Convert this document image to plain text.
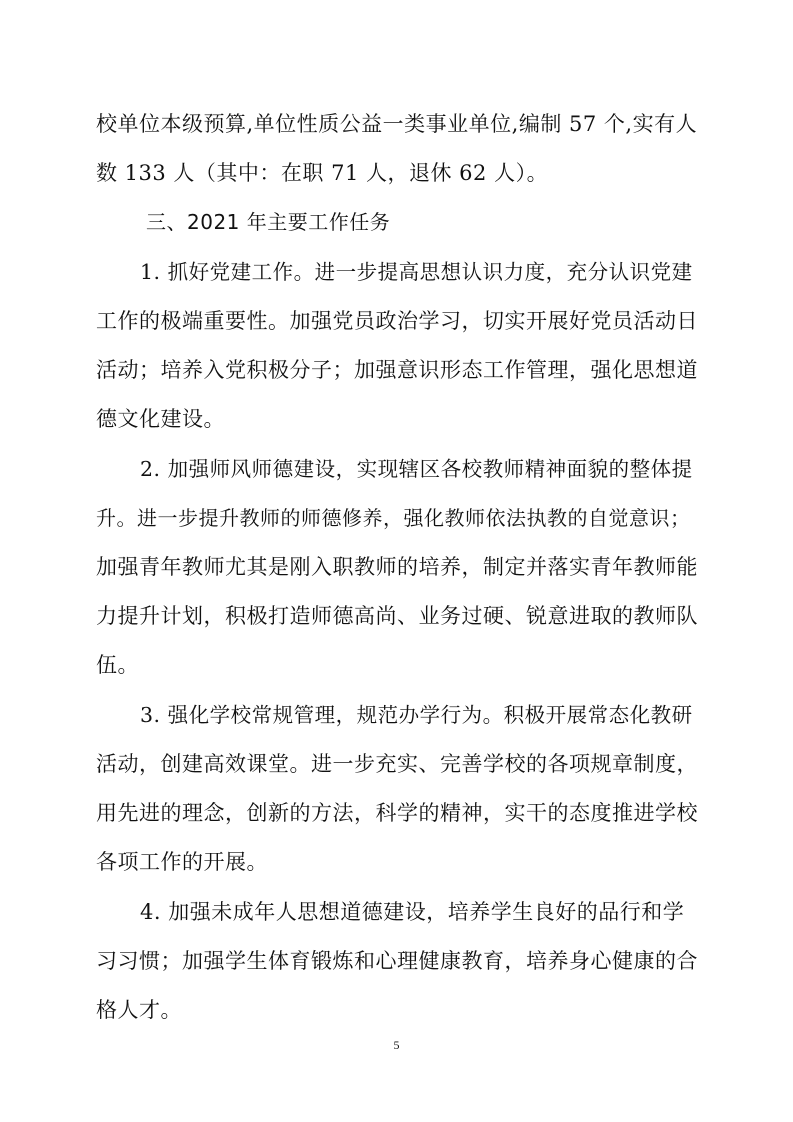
校单位本级预算,单位性质公益一类事业单位,编制 57 个,实有人
数 133 人（其中：在职 71 人，退休 62 人）。
三、2021 年主要工作任务
1. 抓好党建工作。进一步提高思想认识力度，充分认识党建
工作的极端重要性。加强党员政治学习，切实开展好党员活动日
活动；培养入党积极分子；加强意识形态工作管理，强化思想道
德文化建设。
2. 加强师风师德建设，实现辖区各校教师精神面貌的整体提
升。进一步提升教师的师德修养，强化教师依法执教的自觉意识；
加强青年教师尤其是刚入职教师的培养，制定并落实青年教师能
力提升计划，积极打造师德高尚、业务过硬、锐意进取的教师队
伍。
3. 强化学校常规管理，规范办学行为。积极开展常态化教研
活动，创建高效课堂。进一步充实、完善学校的各项规章制度，
用先进的理念，创新的方法，科学的精神，实干的态度推进学校
各项工作的开展。
4. 加强未成年人思想道德建设，培养学生良好的品行和学
习习惯；加强学生体育锻炼和心理健康教育，培养身心健康的合
格人才。
5
